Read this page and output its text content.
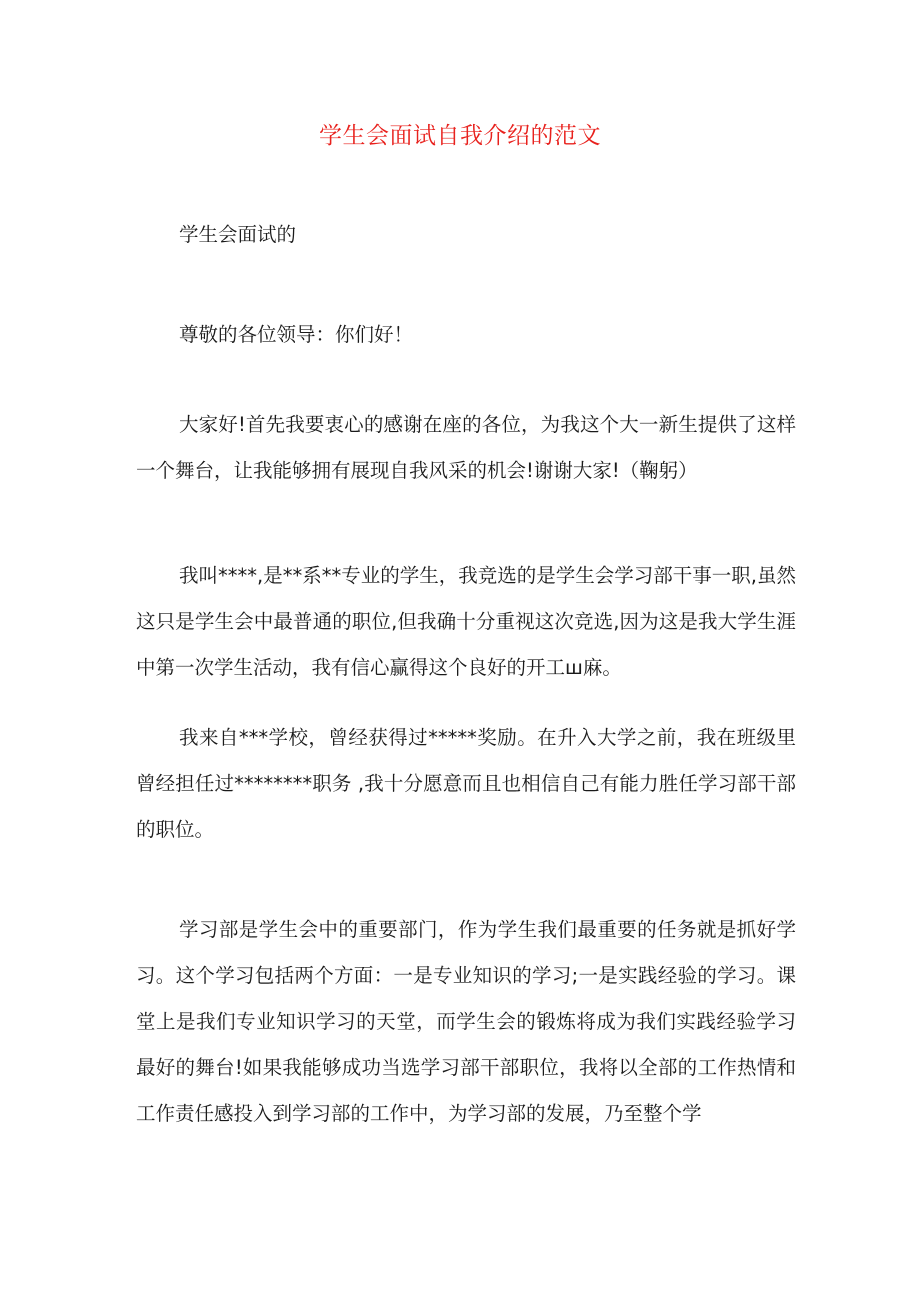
学生会面试自我介绍的范文

学生会面试的

尊敬的各位领导：你们好！

大家好!首先我要衷心的感谢在座的各位，为我这个大一新生提供了这样一个舞台，让我能够拥有展现自我风采的机会!谢谢大家!（鞠躬）

我叫****,是**系**专业的学生，我竞选的是学生会学习部干事一职,虽然这只是学生会中最普通的职位,但我确十分重视这次竞选,因为这是我大学生涯中第一次学生活动，我有信心赢得这个良好的开工ш麻。

我来自***学校，曾经获得过*****奖励。在升入大学之前，我在班级里曾经担任过********职务 ,我十分愿意而且也相信自己有能力胜任学习部干部的职位。

学习部是学生会中的重要部门，作为学生我们最重要的任务就是抓好学习。这个学习包括两个方面：一是专业知识的学习;一是实践经验的学习。课堂上是我们专业知识学习的天堂，而学生会的锻炼将成为我们实践经验学习最好的舞台!如果我能够成功当选学习部干部职位，我将以全部的工作热情和工作责任感投入到学习部的工作中，为学习部的发展，乃至整个学
